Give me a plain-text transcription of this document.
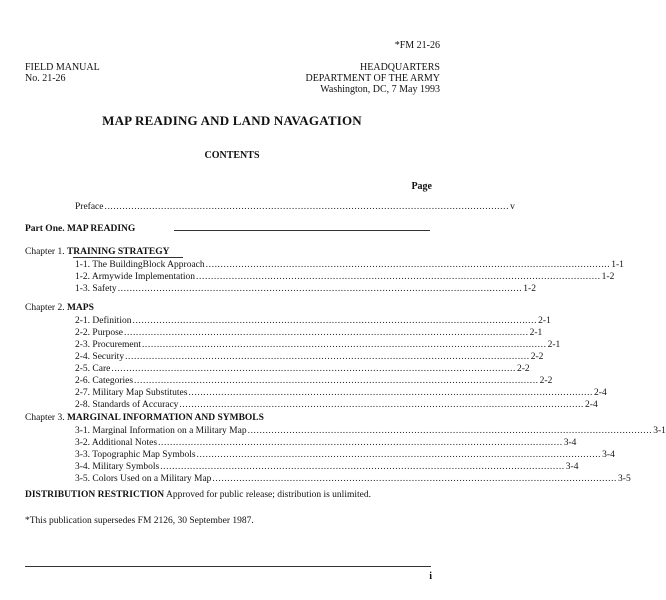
*FM 21-26
FIELD MANUAL
No. 21-26
HEADQUARTERS
DEPARTMENT OF THE ARMY
Washington, DC, 7 May 1993
MAP READING AND LAND NAVAGATION
CONTENTS
Page
Preface ........................................................................................................................................ v
Part One. MAP READING
Chapter 1. TRAINING STRATEGY
1-1. The BuildingBlock Approach ........................................................................................................................................ 1-1
1-2. Armywide Implementation ........................................................................................................................................ 1-2
1-3. Safety ........................................................................................................................................ 1-2
Chapter 2. MAPS
2-1. Definition ........................................................................................................................................ 2-1
2-2. Purpose ........................................................................................................................................ 2-1
2-3. Procurement ........................................................................................................................................ 2-1
2-4. Security ........................................................................................................................................ 2-2
2-5. Care ........................................................................................................................................ 2-2
2-6. Categories ........................................................................................................................................ 2-2
2-7. Military Map Substitutes ........................................................................................................................................ 2-4
2-8. Standards of Accuracy ........................................................................................................................................ 2-4
Chapter 3. MARGINAL INFORMATION AND SYMBOLS
3-1. Marginal Information on a Military Map ........................................................................................................................................ 3-1
3-2. Additional Notes ........................................................................................................................................ 3-4
3-3. Topographic Map Symbols ........................................................................................................................................ 3-4
3-4. Military Symbols ........................................................................................................................................ 3-4
3-5. Colors Used on a Military Map ........................................................................................................................................ 3-5
DISTRIBUTION RESTRICTION Approved for public release; distribution is unlimited.
*This publication supersedes FM 2126, 30 September 1987.
i
